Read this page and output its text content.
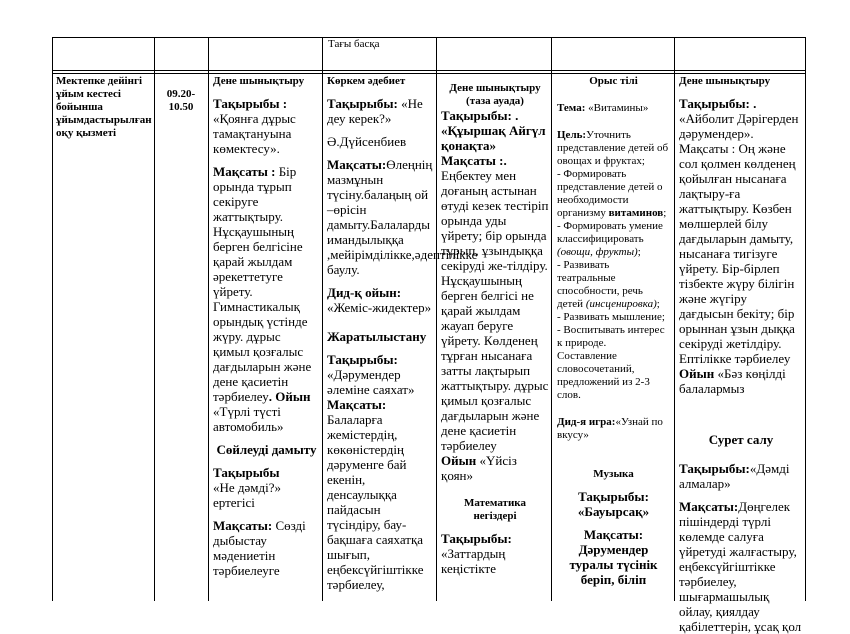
Тағы басқа
Мектепке дейінгі ұйым кестесі бойынша ұйымдастырылған оқу қызметі

09.20-
10.50

Дене шынықтыру

Тақырыбы :

«Қоянға дұрыс тамақтануына көмектесу».

Мақсаты : Бір орында тұрып секіруге жаттықтыру. Нұсқаушының берген белгісіне қарай жылдам әрекеттетуге үйрету. Гимнастикалық орындық үстінде жүру. дұрыс қимыл қозғалыс дағдыларын және дене қасиетін тәрбиелеу. Ойын «Түрлі түсті автомобиль»

Сөйлеуді дамыту

Тақырыбы

«Не дәмді?» ертегісі

Мақсаты: Сөзді дыбыстау мәдениетін тәрбиелеуге

Көркем әдебиет

Тақырыбы: «Не деу керек?»

Ә.Дүйсенбиев

Мақсаты:Өлеңнің мазмұнын түсіну.балаңың ой –өрісін дамыту.Балаларды имандылыққа ,мейірімділікке,әдептілікке баулу.

Дид-қ ойын:

«Жеміс-жидектер»

Жаратылыстану

Тақырыбы:

«Дәрумендер әлеміне саяхат»

Мақсаты:

Балаларға жемістердің, көкөністердің дәруменге бай екенін, денсаулыққа пайдасын түсіндіру, бау-бақшаға саяхатқа шығып, еңбексүйгіштікке тәрбиелеу,

Дене шынықтыру

(таза ауада)

Тақырыбы: .

«Құыршақ Айгүл қонақта»

Мақсаты :.

Еңбектеу мен доғаның астынан өтуді кезек тестіріп орында уды үйрету; бір орында тұрып, ұзындыққа секіруді же-тілдіру. Нұсқаушының берген белгісі не қарай жылдам жауап беруге үйрету. Көлденең тұрған нысанаға затты лақтырып жаттықтыру. дұрыс қимыл қозғалыс дағдыларын және дене қасиетін тәрбиелеу

Ойын «Үйсіз қоян»

Математика негіздері

Тақырыбы:

«Заттардың кеңістікте

Орыс тілі

Тема: «Витамины»

Цель:Уточнить представление детей об овощах и фруктах;

- Формировать представление детей о необходимости организму витаминов;

- Формировать умение классифицировать (овощи, фрукты);

- Развивать театральные способности, речь детей (инсценировка);

- Развивать мышление;

- Воспитывать интерес к природе.

Составление словосочетаний, предложений из 2-3 слов.

Дид-я игра:«Узнай по вкусу»

Музыка

Тақырыбы:

«Бауырсақ»

Мақсаты:

Дәрумендер туралы түсінік беріп, біліп

Дене шынықтыру

Тақырыбы: . «Айболит Дәрігерден дәрумендер».

Мақсаты : Оң және сол қолмен көлденең қойылған нысанаға лақтыру-ға жаттықтыру. Көзбен мөлшерлей білу дағдыларын дамыту, нысанаға тигізуге үйрету. Бір-бірлеп тізбекте жүру білігін және жүгіру дағдысын бекіту; бір орыннан ұзын дыққа секіруді жетілдіру. Ептілікке тәрбиелеу

Ойын «Бәз көңілді балалармыз

Сурет салу

Тақырыбы:«Дәмді алмалар»

Мақсаты:Дөңгелек пішіндерді түрлі көлемде салуға үйретуді жалғастыру, еңбексүйгіштікке тәрбиелеу, шығармашылық ойлау, қиялдау қабілеттерін, ұсақ қол
